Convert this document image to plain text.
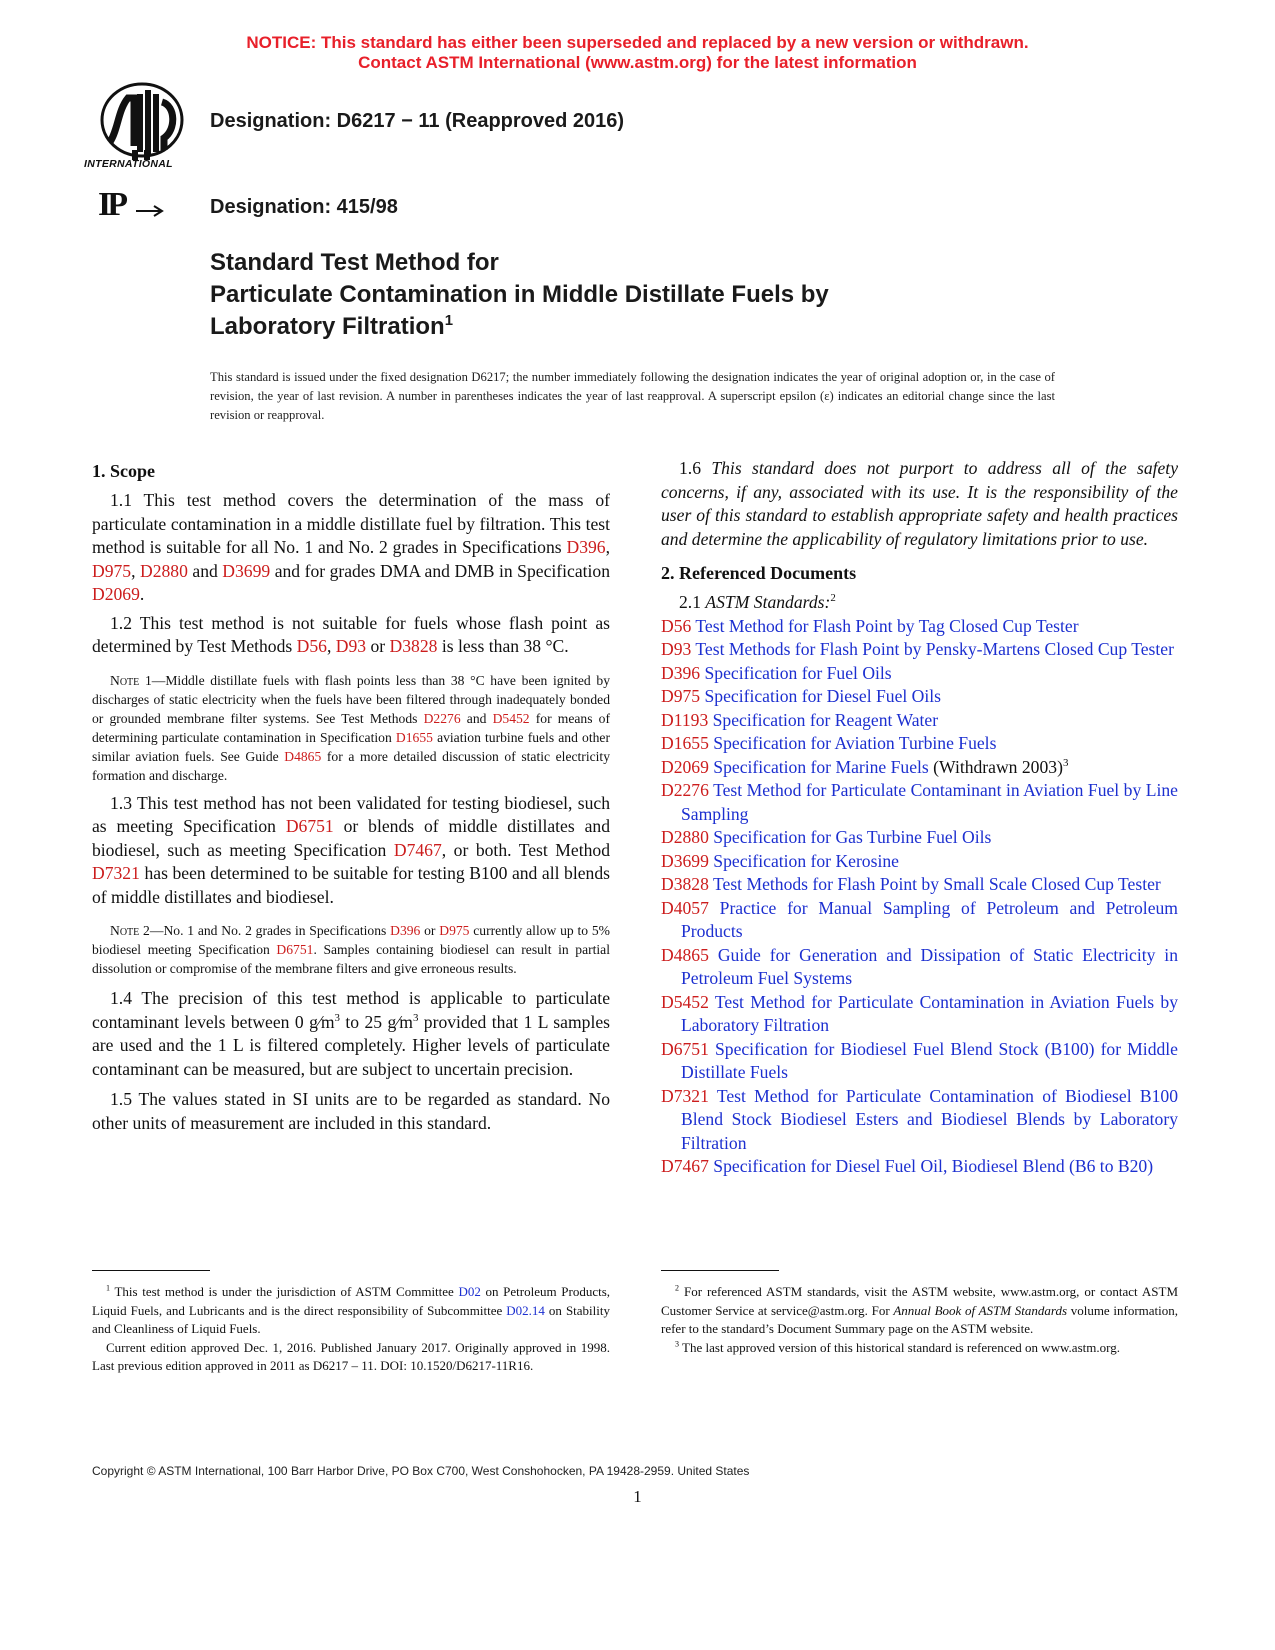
NOTICE: This standard has either been superseded and replaced by a new version or withdrawn.
Contact ASTM International (www.astm.org) for the latest information
INTERNATIONAL
IP
Designation: D6217 − 11 (Reapproved 2016)
Designation: 415/98
Standard Test Method for
Particulate Contamination in Middle Distillate Fuels by
Laboratory Filtration$^1$
This standard is issued under the fixed designation D6217; the number immediately following the designation indicates the year of original adoption or, in the case of revision, the year of last revision. A number in parentheses indicates the year of last reapproval. A superscript epsilon (ε) indicates an editorial change since the last revision or reapproval.

1. Scope

1.1 This test method covers the determination of the mass of particulate contamination in a middle distillate fuel by filtration. This test method is suitable for all No. 1 and No. 2 grades in Specifications D396, D975, D2880 and D3699 and for grades DMA and DMB in Specification D2069.

1.2 This test method is not suitable for fuels whose flash point as determined by Test Methods D56, D93 or D3828 is less than 38 °C.

Note 1—Middle distillate fuels with flash points less than 38 °C have been ignited by discharges of static electricity when the fuels have been filtered through inadequately bonded or grounded membrane filter systems. See Test Methods D2276 and D5452 for means of determining particulate contamination in Specification D1655 aviation turbine fuels and other similar aviation fuels. See Guide D4865 for a more detailed discussion of static electricity formation and discharge.

1.3 This test method has not been validated for testing biodiesel, such as meeting Specification D6751 or blends of middle distillates and biodiesel, such as meeting Specification D7467, or both. Test Method D7321 has been determined to be suitable for testing B100 and all blends of middle distillates and biodiesel.

Note 2—No. 1 and No. 2 grades in Specifications D396 or D975 currently allow up to 5% biodiesel meeting Specification D6751. Samples containing biodiesel can result in partial dissolution or compromise of the membrane filters and give erroneous results.

1.4 The precision of this test method is applicable to particulate contaminant levels between 0 $g⁄m^3$ to 25 $g⁄m^3$ provided that 1 L samples are used and the 1 L is filtered completely. Higher levels of particulate contaminant can be measured, but are subject to uncertain precision.

1.5 The values stated in SI units are to be regarded as standard. No other units of measurement are included in this standard.

$^1$ This test method is under the jurisdiction of ASTM Committee D02 on Petroleum Products, Liquid Fuels, and Lubricants and is the direct responsibility of Subcommittee D02.14 on Stability and Cleanliness of Liquid Fuels.

Current edition approved Dec. 1, 2016. Published January 2017. Originally approved in 1998. Last previous edition approved in 2011 as D6217 – 11. DOI: 10.1520/D6217-11R16.

1.6 This standard does not purport to address all of the safety concerns, if any, associated with its use. It is the responsibility of the user of this standard to establish appropriate safety and health practices and determine the applicability of regulatory limitations prior to use.

2. Referenced Documents

2.1 ASTM Standards:$^2$

D56 Test Method for Flash Point by Tag Closed Cup Tester

D93 Test Methods for Flash Point by Pensky-Martens Closed Cup Tester

D396 Specification for Fuel Oils

D975 Specification for Diesel Fuel Oils

D1193 Specification for Reagent Water

D1655 Specification for Aviation Turbine Fuels

D2069 Specification for Marine Fuels (Withdrawn 2003)$^3$

D2276 Test Method for Particulate Contaminant in Aviation Fuel by Line Sampling

D2880 Specification for Gas Turbine Fuel Oils

D3699 Specification for Kerosine

D3828 Test Methods for Flash Point by Small Scale Closed Cup Tester

D4057 Practice for Manual Sampling of Petroleum and Petroleum Products

D4865 Guide for Generation and Dissipation of Static Electricity in Petroleum Fuel Systems

D5452 Test Method for Particulate Contamination in Aviation Fuels by Laboratory Filtration

D6751 Specification for Biodiesel Fuel Blend Stock (B100) for Middle Distillate Fuels

D7321 Test Method for Particulate Contamination of Biodiesel B100 Blend Stock Biodiesel Esters and Biodiesel Blends by Laboratory Filtration

D7467 Specification for Diesel Fuel Oil, Biodiesel Blend (B6 to B20)

$^2$ For referenced ASTM standards, visit the ASTM website, www.astm.org, or contact ASTM Customer Service at service@astm.org. For Annual Book of ASTM Standards volume information, refer to the standard’s Document Summary page on the ASTM website.

$^3$ The last approved version of this historical standard is referenced on www.astm.org.

Copyright © ASTM International, 100 Barr Harbor Drive, PO Box C700, West Conshohocken, PA 19428-2959. United States
1
